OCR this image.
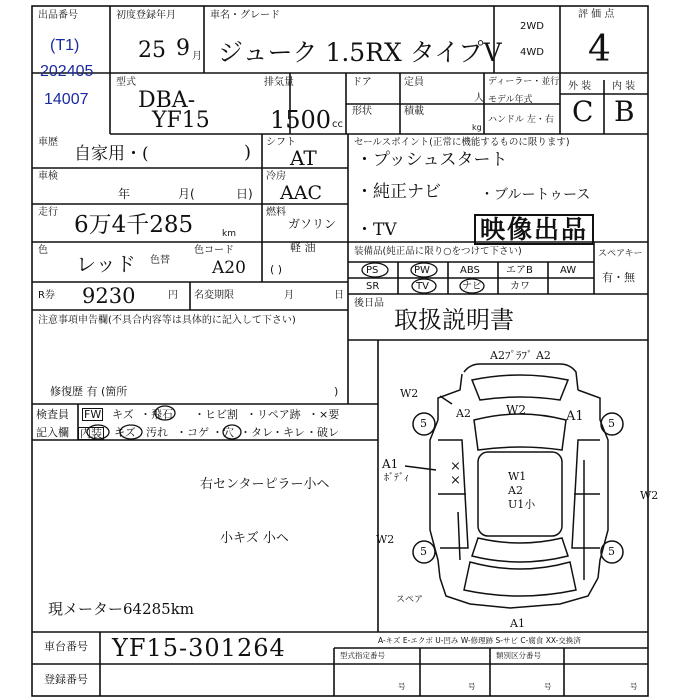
出品番号
(T1)
202405
14007
初度登録年月
25 9 月
車名・グレード
ジューク 1.5RX タイプV
2WD
4WD
評 価 点
4
外 装 内 装
C B
型式
DBA-
YF15
排気量
1500 cc
ドア
形状
定員
人
積載
kg
ディーラー・並行
モデル年式
ハンドル 左・右
車歴
自家用・(	) シフト
AT
車検
年	月(	日)
冷房
AAC
走行 6万4千285	km
燃料
ガソリン
軽 油
( )
色
レッド 色替
色コード
A20
R券 9230	円 名変期限	月	日
セールスポイント(正常に機能するものに限ります)
・プッシュスタート
・純正ナビ	・ブルートゥース
・TV	映像出品
装備品(純正品に限り○をつけて下さい)
PS	PW	ABS	エアB	AW
SR	TV	ナビ	カワ
スペアキー
有・無
後日品
取扱説明書
注意事項申告欄(不具合内容等は具体的に記入して下さい)
修復歴 有 (箇所	)
検査員
記入欄
FW キズ ・飛石 ・ヒビ割 ・リペア跡 ・×要
内装 キズ 汚れ ・コゲ ・穴 ・タレ ・キレ ・破レ
右センターピラー小ヘ
小キズ 小ヘ
現メーター64285km
A2ﾌﾟﾗﾌﾞ A2
W2
W2	A1
A2
A1
ﾎﾞﾃﾞｨ
×
×	W1
A2
U1小
W2
W2
スペア
A1
5	5
5	5
A-キズ E-エクボ U-凹み W-修理跡 S-サビ C-腐食 XX-交換済
車台番号 YF15-301264
登録番号
型式指定番号	類別区分番号
号	号	号	号
